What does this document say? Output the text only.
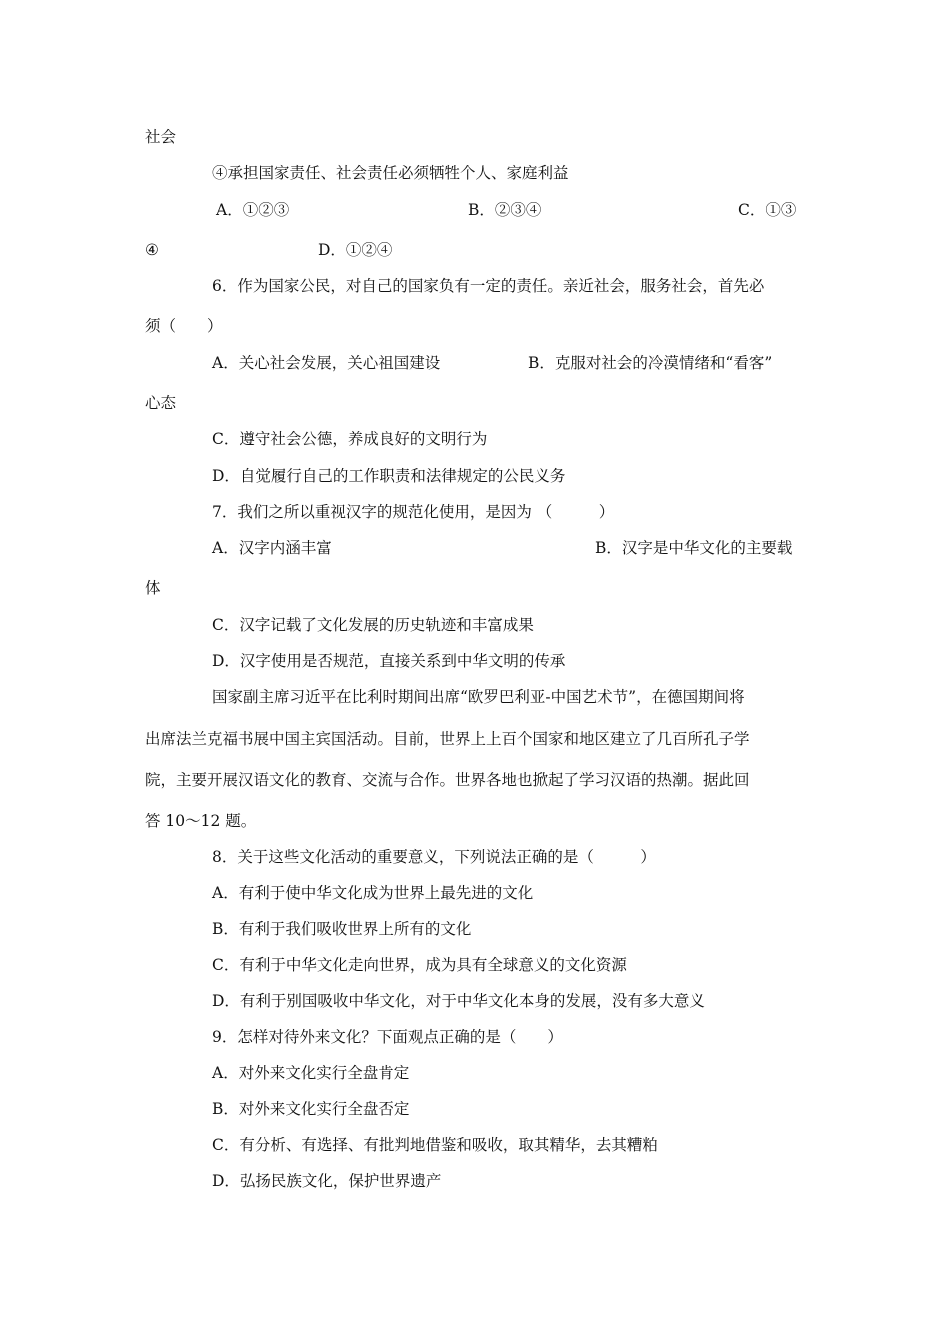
社会
④承担国家责任、社会责任必须牺牲个人、家庭利益
A．①②③	B．②③④	C．①③
④	D．①②④
6．作为国家公民，对自己的国家负有一定的责任。亲近社会，服务社会，首先必
须（　　）
A．关心社会发展，关心祖国建设	B．克服对社会的冷漠情绪和“看客”
心态
C．遵守社会公德，养成良好的文明行为
D．自觉履行自己的工作职责和法律规定的公民义务
7．我们之所以重视汉字的规范化使用，是因为 （　　　）
A．汉字内涵丰富	B．汉字是中华文化的主要载
体
C．汉字记载了文化发展的历史轨迹和丰富成果
D．汉字使用是否规范，直接关系到中华文明的传承
国家副主席习近平在比利时期间出席“欧罗巴利亚-中国艺术节”，在德国期间将
出席法兰克福书展中国主宾国活动。目前，世界上上百个国家和地区建立了几百所孔子学
院，主要开展汉语文化的教育、交流与合作。世界各地也掀起了学习汉语的热潮。据此回
答 10～12 题。
8．关于这些文化活动的重要意义，下列说法正确的是（　　　）
A．有利于使中华文化成为世界上最先进的文化
B．有利于我们吸收世界上所有的文化
C．有利于中华文化走向世界，成为具有全球意义的文化资源
D．有利于别国吸收中华文化，对于中华文化本身的发展，没有多大意义
9．怎样对待外来文化？下面观点正确的是（　　）
A．对外来文化实行全盘肯定
B．对外来文化实行全盘否定
C．有分析、有选择、有批判地借鉴和吸收，取其精华，去其糟粕
D．弘扬民族文化，保护世界遗产
